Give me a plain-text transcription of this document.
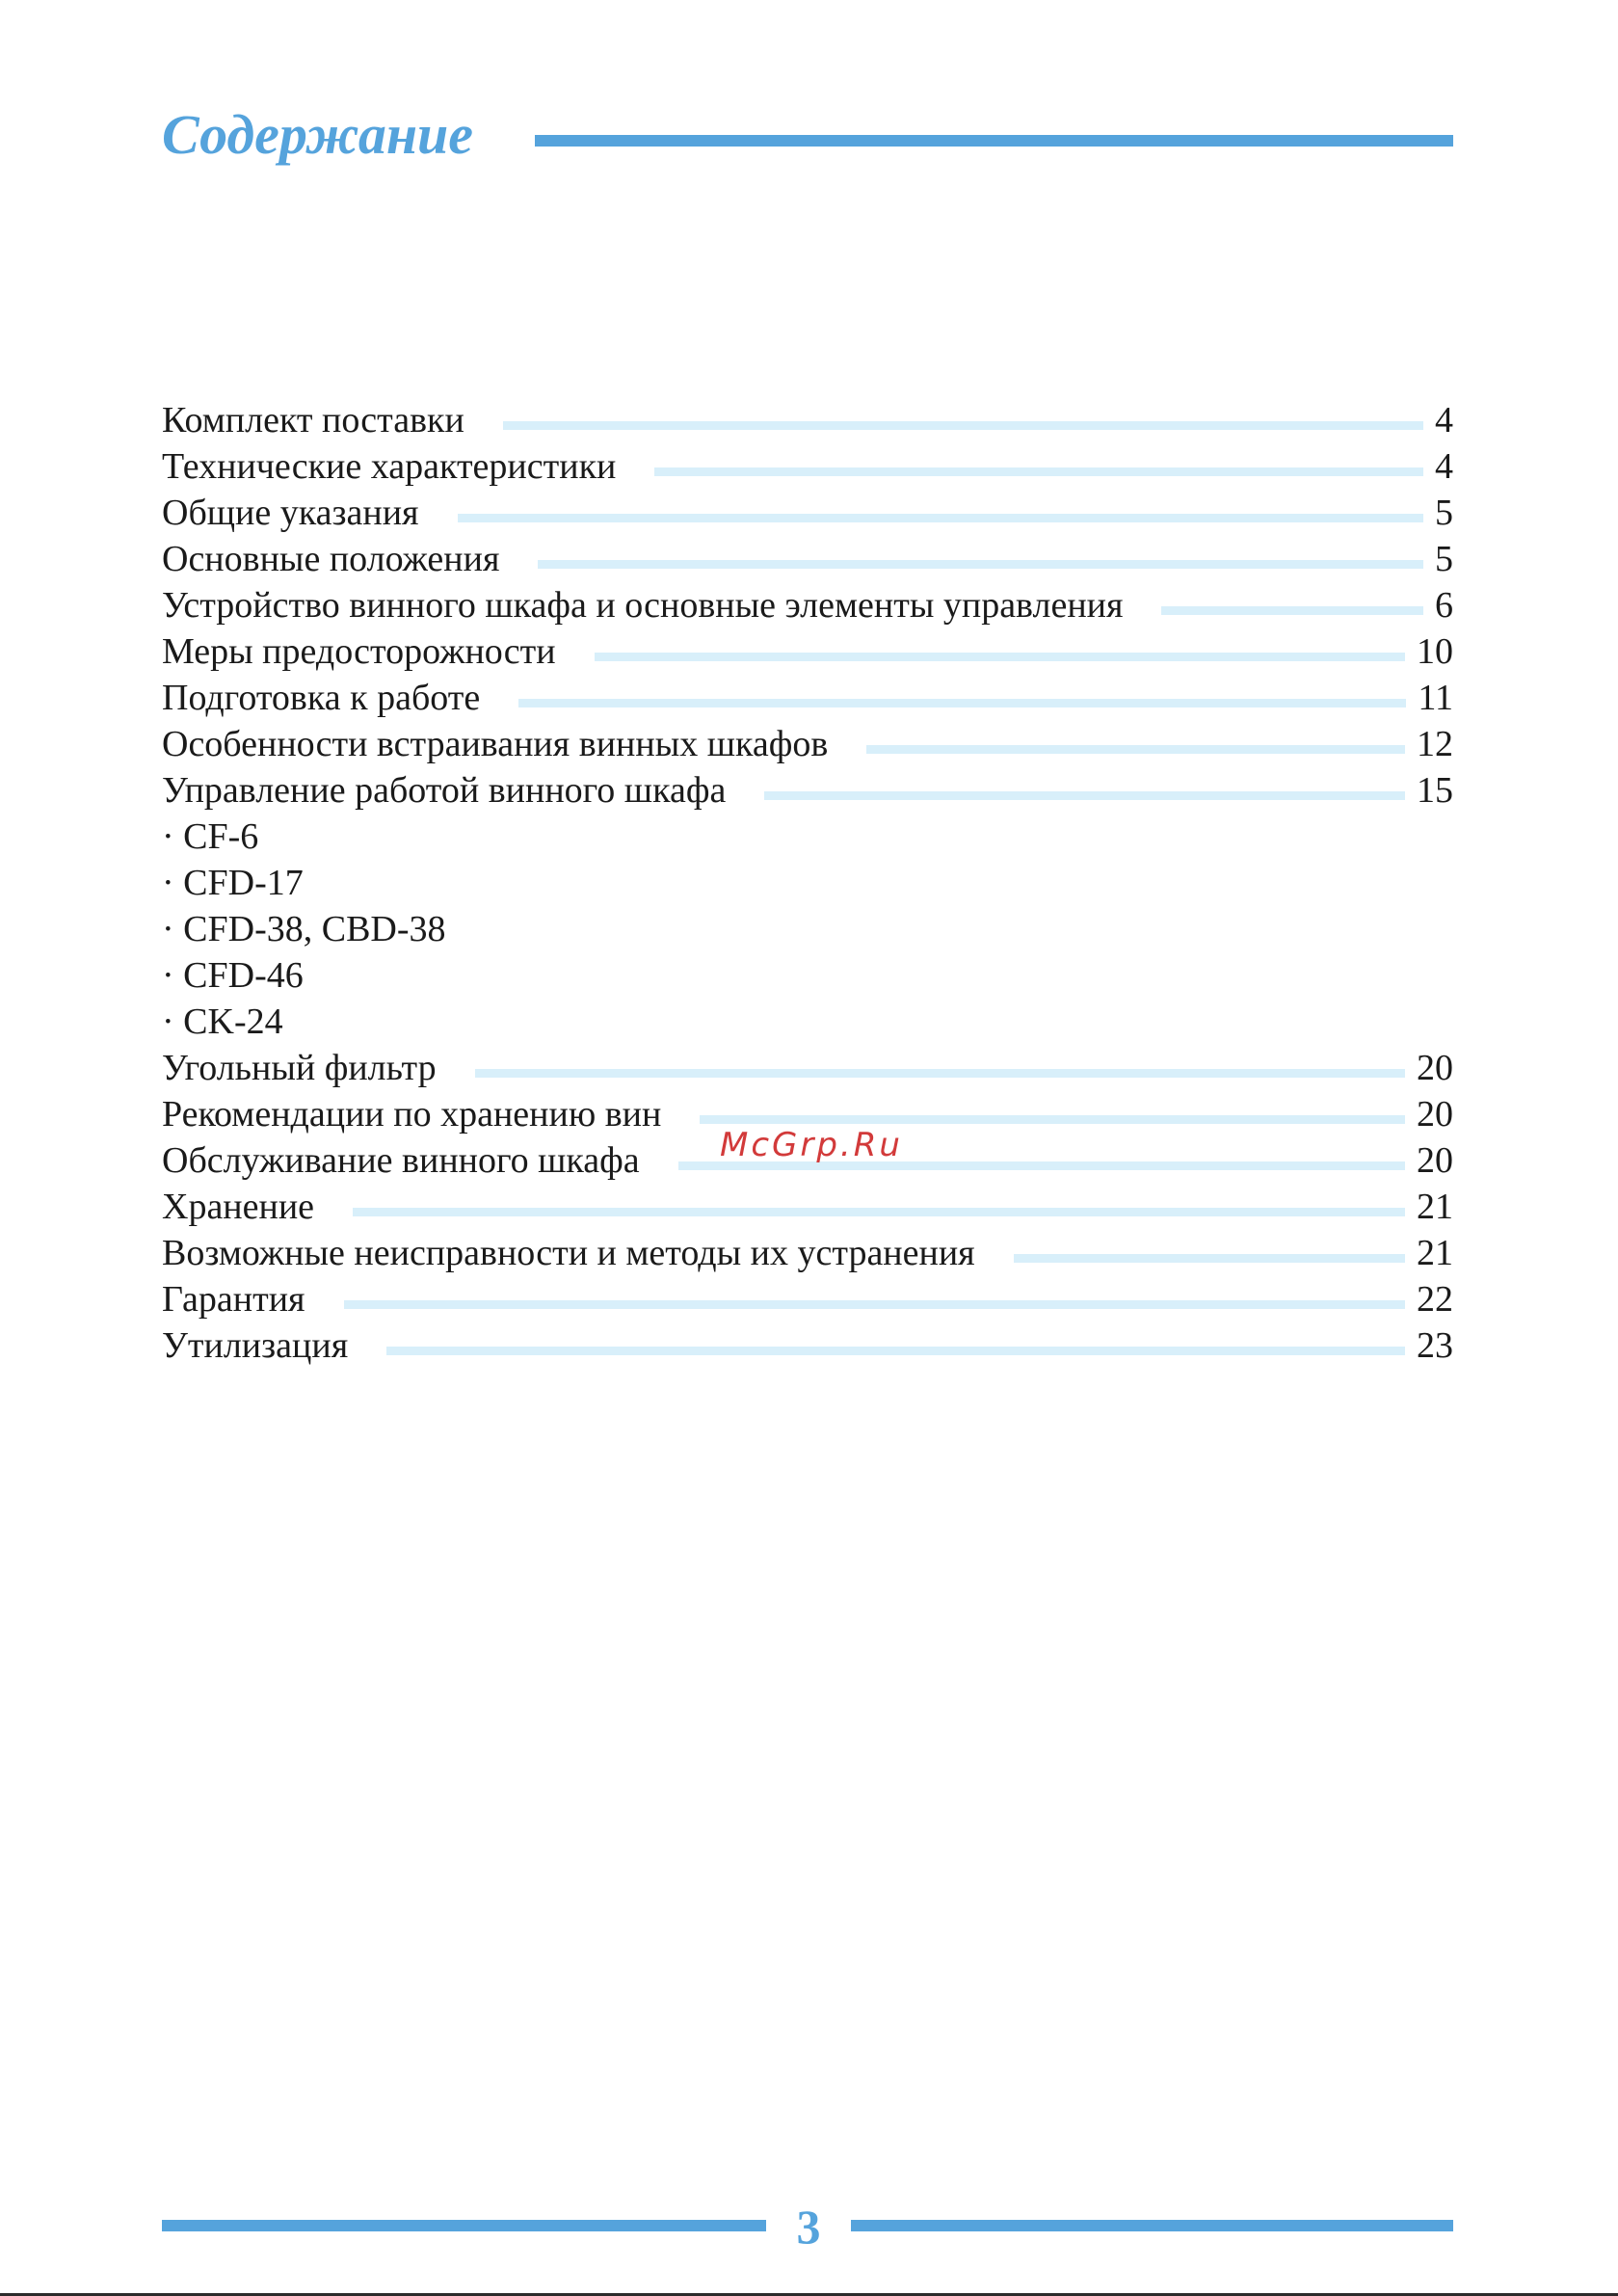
Содержание
Комплект поставки	4
Технические характеристики	4
Общие указания	5
Основные положения	5
Устройство винного шкафа и основные элементы управления	6
Меры предосторожности	10
Подготовка к работе	11
Особенности встраивания винных шкафов	12
Управление работой винного шкафа	15
· CF-6
· CFD-17
· CFD-38, CBD-38
· CFD-46
· CK-24
Угольный фильтр	20
Рекомендации по хранению вин	20
Обслуживание винного шкафа	20
Хранение	21
Возможные неисправности и методы их устранения	21
Гарантия	22
Утилизация	23
McGrp.Ru
3
